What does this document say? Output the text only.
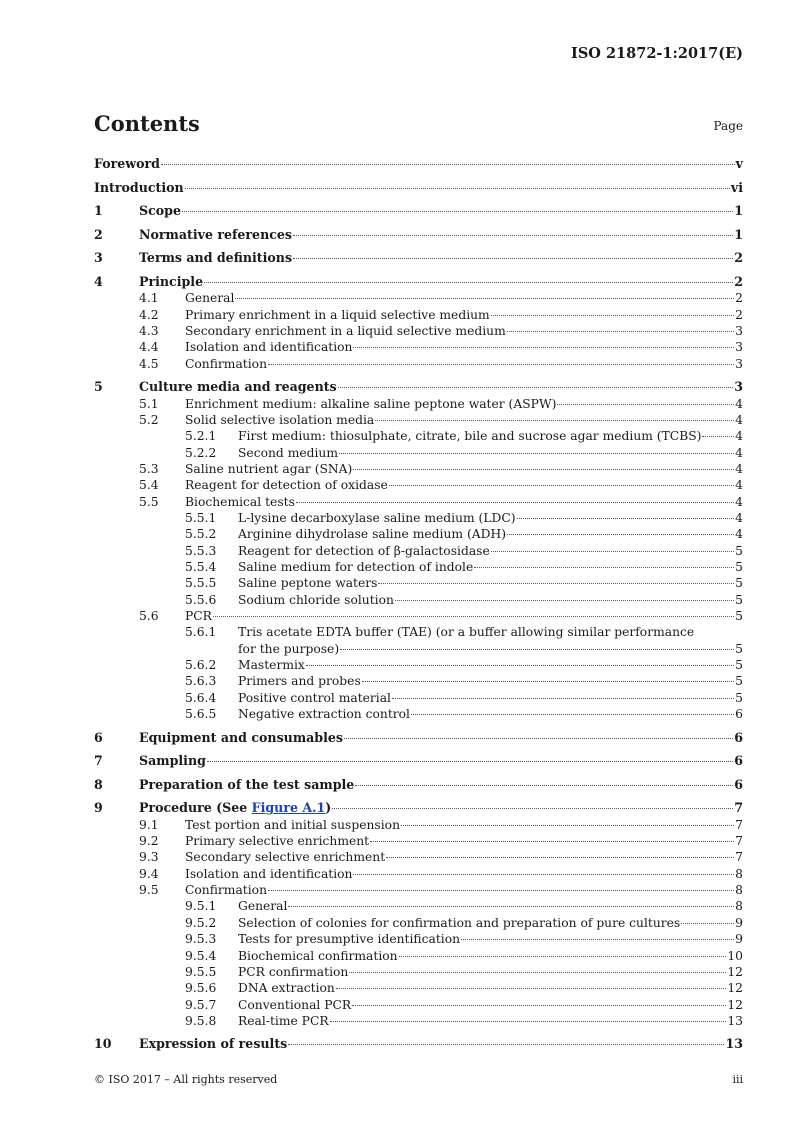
ISO 21872-1:2017(E)
Contents	Page
Foreword	v
Introduction	vi
1	Scope	1
2	Normative references	1
3	Terms and definitions	2
4	Principle	2
4.1	General	2
4.2	Primary enrichment in a liquid selective medium	2
4.3	Secondary enrichment in a liquid selective medium	3
4.4	Isolation and identification	3
4.5	Confirmation	3
5	Culture media and reagents	3
5.1	Enrichment medium: alkaline saline peptone water (ASPW)	4
5.2	Solid selective isolation media	4
5.2.1	First medium: thiosulphate, citrate, bile and sucrose agar medium (TCBS)	4
5.2.2	Second medium	4
5.3	Saline nutrient agar (SNA)	4
5.4	Reagent for detection of oxidase	4
5.5	Biochemical tests	4
5.5.1	L-lysine decarboxylase saline medium (LDC)	4
5.5.2	Arginine dihydrolase saline medium (ADH)	4
5.5.3	Reagent for detection of β-galactosidase	5
5.5.4	Saline medium for detection of indole	5
5.5.5	Saline peptone waters	5
5.5.6	Sodium chloride solution	5
5.6	PCR	5
5.6.1	Tris acetate EDTA buffer (TAE) (or a buffer allowing similar performance
for the purpose)	5
5.6.2	Mastermix	5
5.6.3	Primers and probes	5
5.6.4	Positive control material	5
5.6.5	Negative extraction control	6
6	Equipment and consumables	6
7	Sampling	6
8	Preparation of the test sample	6
9	Procedure (See Figure A.1)	7
9.1	Test portion and initial suspension	7
9.2	Primary selective enrichment	7
9.3	Secondary selective enrichment	7
9.4	Isolation and identification	8
9.5	Confirmation	8
9.5.1	General	8
9.5.2	Selection of colonies for confirmation and preparation of pure cultures	9
9.5.3	Tests for presumptive identification	9
9.5.4	Biochemical confirmation	10
9.5.5	PCR confirmation	12
9.5.6	DNA extraction	12
9.5.7	Conventional PCR	12
9.5.8	Real-time PCR	13
10	Expression of results	13
© ISO 2017 – All rights reserved	iii
